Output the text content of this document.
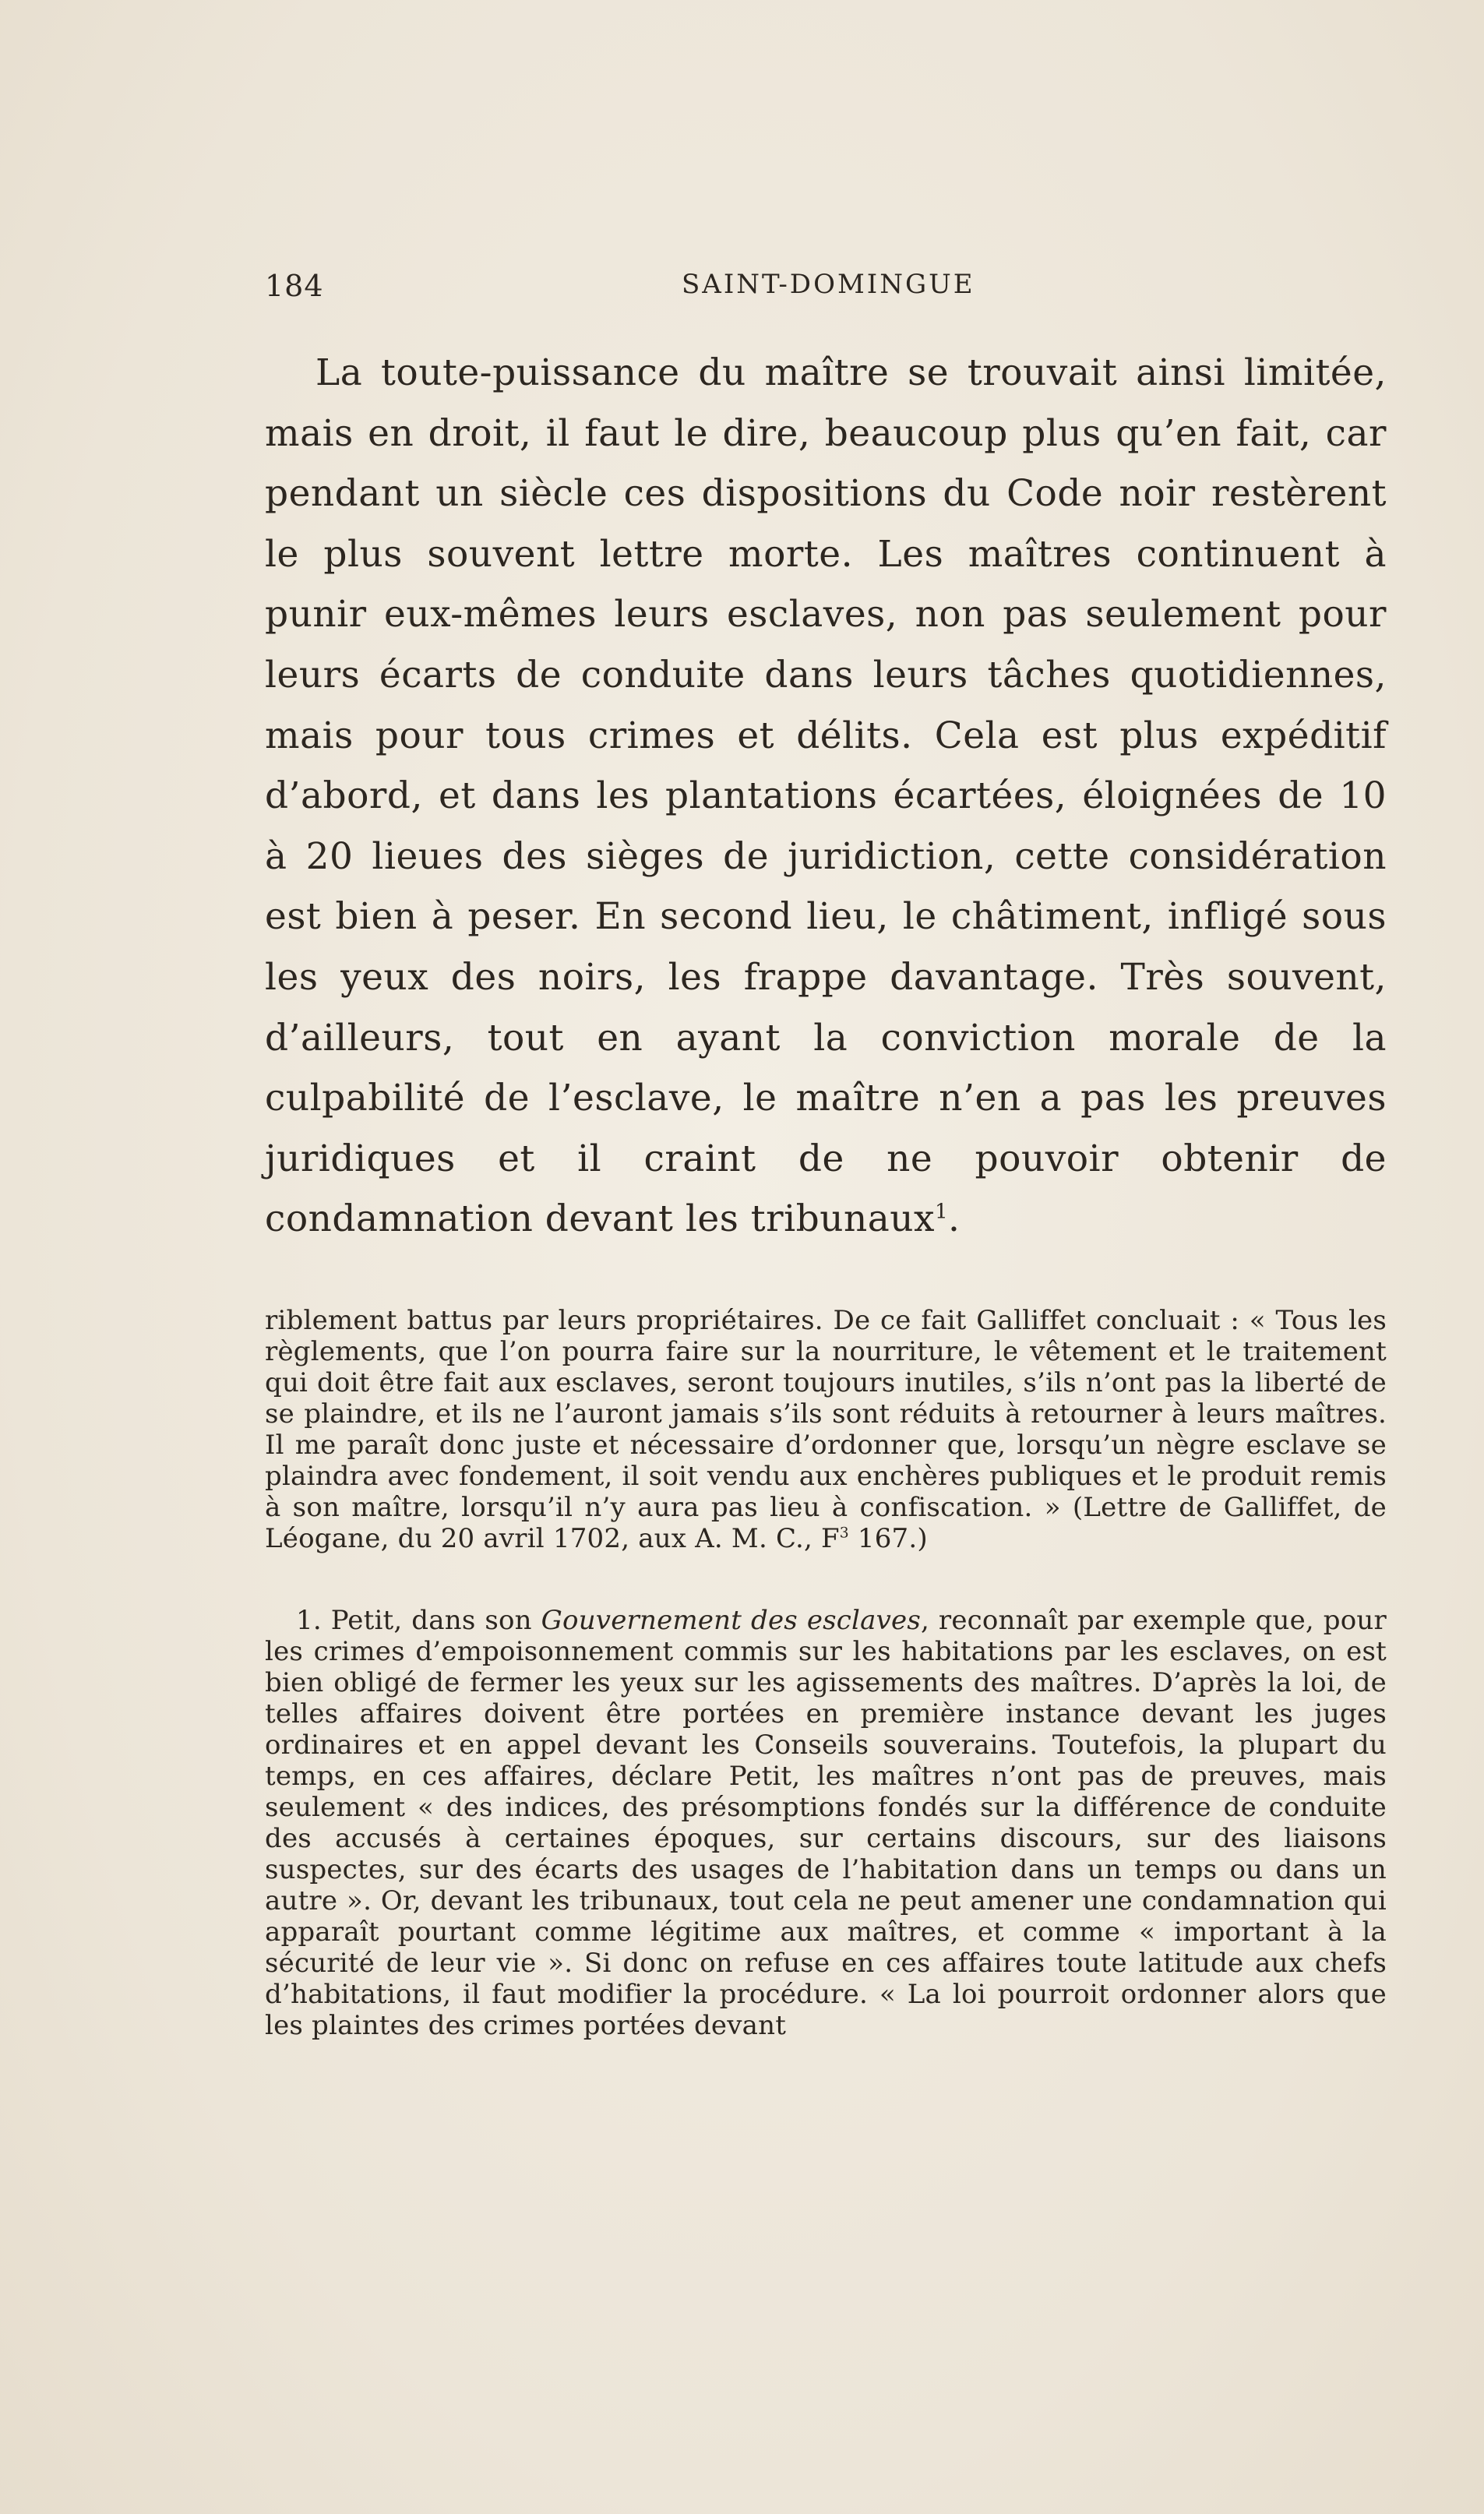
184	SAINT-DOMINGUE

La toute-puissance du maître se trouvait ainsi limitée, mais en droit, il faut le dire, beaucoup plus qu’en fait, car pendant un siècle ces dispositions du Code noir restèrent le plus souvent lettre morte. Les maîtres continuent à punir eux-mêmes leurs esclaves, non pas seulement pour leurs écarts de conduite dans leurs tâches quotidiennes, mais pour tous crimes et délits. Cela est plus expéditif d’abord, et dans les plantations écartées, éloignées de 10 à 20 lieues des sièges de juridiction, cette considération est bien à peser. En second lieu, le châtiment, infligé sous les yeux des noirs, les frappe davantage. Très souvent, d’ailleurs, tout en ayant la conviction morale de la culpabilité de l’esclave, le maître n’en a pas les preuves juridiques et il craint de ne pouvoir obtenir de condamnation devant les tribunaux$^1$.

riblement battus par leurs propriétaires. De ce fait Galliffet concluait : « Tous les règlements, que l’on pourra faire sur la nourriture, le vêtement et le traitement qui doit être fait aux esclaves, seront toujours inutiles, s’ils n’ont pas la liberté de se plaindre, et ils ne l’auront jamais s’ils sont réduits à retourner à leurs maîtres. Il me paraît donc juste et nécessaire d’ordonner que, lorsqu’un nègre esclave se plaindra avec fondement, il soit vendu aux enchères publiques et le produit remis à son maître, lorsqu’il n’y aura pas lieu à confiscation. » (Lettre de Galliffet, de Léogane, du 20 avril 1702, aux A. M. C., $F^3$ 167.)

1. Petit, dans son Gouvernement des esclaves, reconnaît par exemple que, pour les crimes d’empoisonnement commis sur les habitations par les esclaves, on est bien obligé de fermer les yeux sur les agissements des maîtres. D’après la loi, de telles affaires doivent être portées en première instance devant les juges ordinaires et en appel devant les Conseils souverains. Toutefois, la plupart du temps, en ces affaires, déclare Petit, les maîtres n’ont pas de preuves, mais seulement « des indices, des présomptions fondés sur la différence de conduite des accusés à certaines époques, sur certains discours, sur des liaisons suspectes, sur des écarts des usages de l’habitation dans un temps ou dans un autre ». Or, devant les tribunaux, tout cela ne peut amener une condamnation qui apparaît pourtant comme légitime aux maîtres, et comme « important à la sécurité de leur vie ». Si donc on refuse en ces affaires toute latitude aux chefs d’habitations, il faut modifier la procédure. « La loi pourroit ordonner alors que les plaintes des crimes portées devant
